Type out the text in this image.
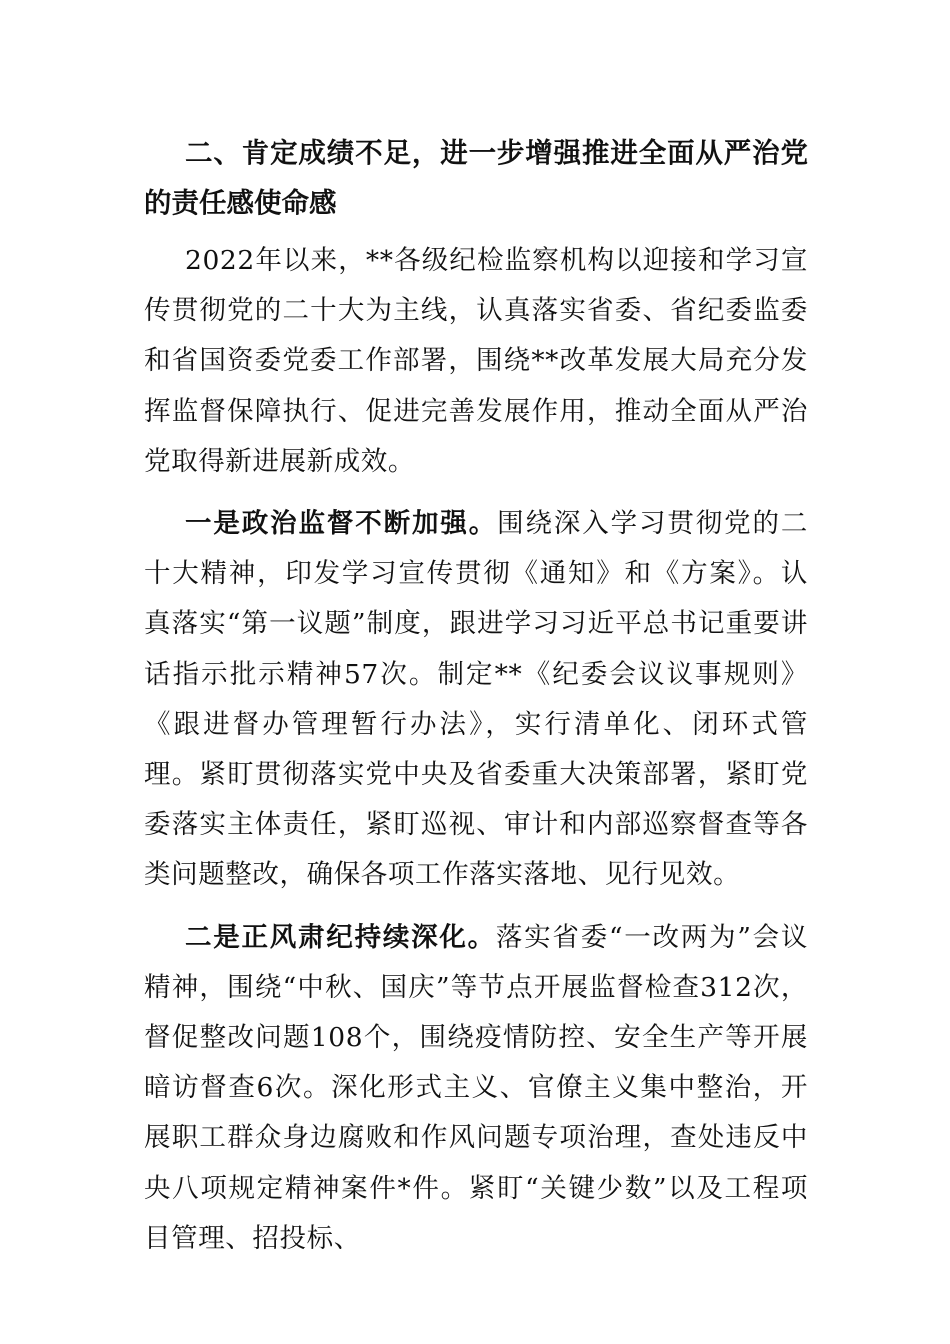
二、肯定成绩不足，进一步增强推进全面从严治党的责任感使命感

2022年以来，**各级纪检监察机构以迎接和学习宣传贯彻党的二十大为主线，认真落实省委、省纪委监委和省国资委党委工作部署，围绕**改革发展大局充分发挥监督保障执行、促进完善发展作用，推动全面从严治党取得新进展新成效。

一是政治监督不断加强。围绕深入学习贯彻党的二十大精神，印发学习宣传贯彻《通知》和《方案》。认真落实“第一议题”制度，跟进学习习近平总书记重要讲话指示批示精神57次。制定**《纪委会议议事规则》《跟进督办管理暂行办法》，实行清单化、闭环式管理。紧盯贯彻落实党中央及省委重大决策部署，紧盯党委落实主体责任，紧盯巡视、审计和内部巡察督查等各类问题整改，确保各项工作落实落地、见行见效。

二是正风肃纪持续深化。落实省委“一改两为”会议精神，围绕“中秋、国庆”等节点开展监督检查312次，督促整改问题108个，围绕疫情防控、安全生产等开展暗访督查6次。深化形式主义、官僚主义集中整治，开展职工群众身边腐败和作风问题专项治理，查处违反中央八项规定精神案件*件。紧盯“关键少数”以及工程项目管理、招投标、
